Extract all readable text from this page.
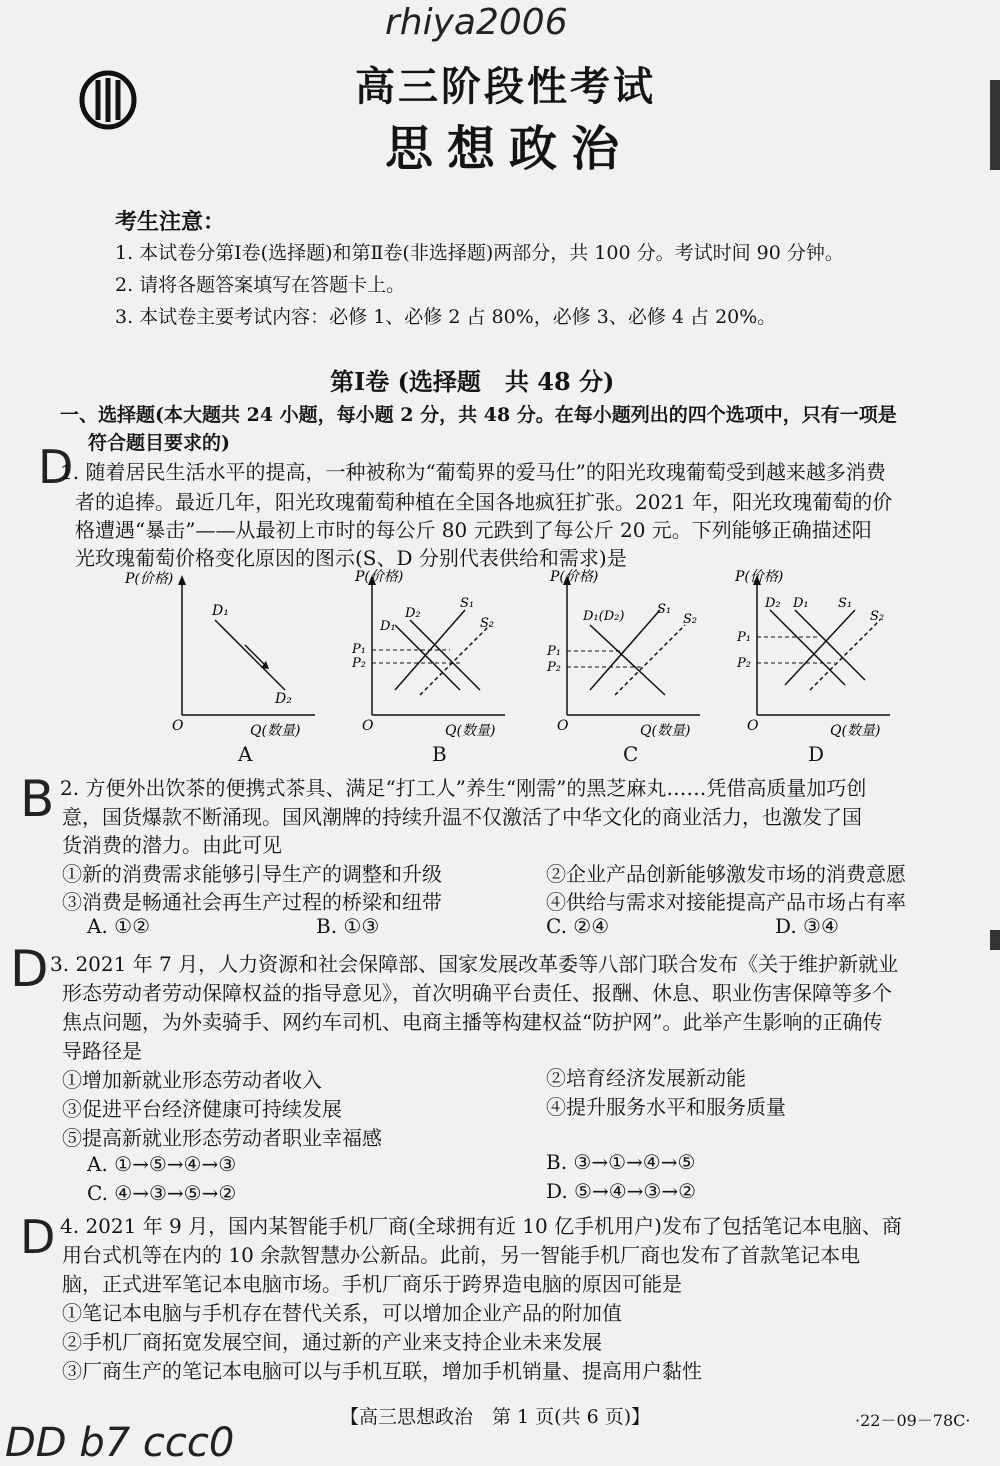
rhiya2006
DD b7 ccc0
D
B
D
D
高三阶段性考试
思想政治
考生注意：
1. 本试卷分第Ⅰ卷(选择题)和第Ⅱ卷(非选择题)两部分，共 100 分。考试时间 90 分钟。
2. 请将各题答案填写在答题卡上。
3. 本试卷主要考试内容：必修 1、必修 2 占 80%，必修 3、必修 4 占 20%。
第Ⅰ卷 (选择题　共 48 分)
一、选择题(本大题共 24 小题，每小题 2 分，共 48 分。在每小题列出的四个选项中，只有一项是
符合题目要求的)
1. 随着居民生活水平的提高，一种被称为“葡萄界的爱马仕”的阳光玫瑰葡萄受到越来越多消费
者的追捧。最近几年，阳光玫瑰葡萄种植在全国各地疯狂扩张。2021 年，阳光玫瑰葡萄的价
格遭遇“暴击”——从最初上市时的每公斤 80 元跌到了每公斤 20 元。下列能够正确描述阳
光玫瑰葡萄价格变化原因的图示(S、D 分别代表供给和需求)是
P(价格)
D₁
D₂
O	Q(数量)
A
P(价格)
D₁
D₂
S₁
S₂
P₁
P₂
O	Q(数量)
B
P(价格)
D₁(D₂)	S₁
S₂
P₁
P₂
O	Q(数量)
C
P(价格)
D₂ D₁ S₁
S₂
P₁
P₂
O	Q(数量)
D
2. 方便外出饮茶的便携式茶具、满足“打工人”养生“刚需”的黑芝麻丸……凭借高质量加巧创
意，国货爆款不断涌现。国风潮牌的持续升温不仅激活了中华文化的商业活力，也激发了国
货消费的潜力。由此可见
①新的消费需求能够引导生产的调整和升级	②企业产品创新能够激发市场的消费意愿
③消费是畅通社会再生产过程的桥梁和纽带	④供给与需求对接能提高产品市场占有率
A. ①②	B. ①③	C. ②④	D. ③④
3. 2021 年 7 月，人力资源和社会保障部、国家发展改革委等八部门联合发布《关于维护新就业
形态劳动者劳动保障权益的指导意见》，首次明确平台责任、报酬、休息、职业伤害保障等多个
焦点问题，为外卖骑手、网约车司机、电商主播等构建权益“防护网”。此举产生影响的正确传
导路径是
①增加新就业形态劳动者收入	②培育经济发展新动能
③促进平台经济健康可持续发展	④提升服务水平和服务质量
⑤提高新就业形态劳动者职业幸福感
A. ①→⑤→④→③	B. ③→①→④→⑤
C. ④→③→⑤→②	D. ⑤→④→③→②
4. 2021 年 9 月，国内某智能手机厂商(全球拥有近 10 亿手机用户)发布了包括笔记本电脑、商
用台式机等在内的 10 余款智慧办公新品。此前，另一智能手机厂商也发布了首款笔记本电
脑，正式进军笔记本电脑市场。手机厂商乐于跨界造电脑的原因可能是
①笔记本电脑与手机存在替代关系，可以增加企业产品的附加值
②手机厂商拓宽发展空间，通过新的产业来支持企业未来发展
③厂商生产的笔记本电脑可以与手机互联，增加手机销量、提高用户黏性
【高三思想政治　第 1 页(共 6 页)】	·22－09－78C·
